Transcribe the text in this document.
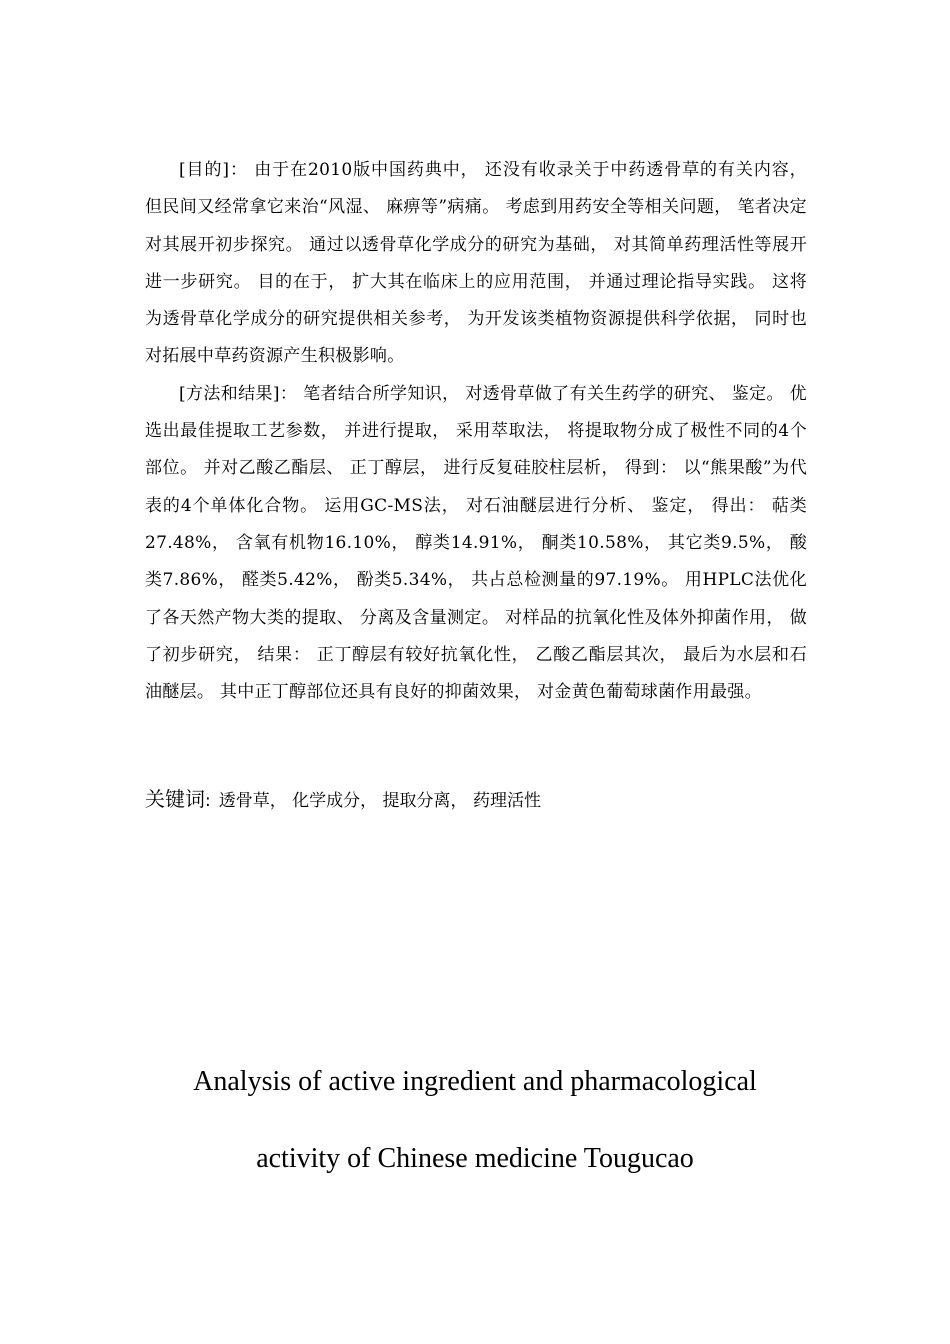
[目的]： 由于在2010版中国药典中， 还没有收录关于中药透骨草的有关内容， 但民间又经常拿它来治“风湿、 麻痹等”病痛。 考虑到用药安全等相关问题， 笔者决定对其展开初步探究。 通过以透骨草化学成分的研究为基础， 对其简单药理活性等展开进一步研究。 目的在于， 扩大其在临床上的应用范围， 并通过理论指导实践。 这将为透骨草化学成分的研究提供相关参考， 为开发该类植物资源提供科学依据， 同时也对拓展中草药资源产生积极影响。

[方法和结果]： 笔者结合所学知识， 对透骨草做了有关生药学的研究、 鉴定。 优选出最佳提取工艺参数， 并进行提取， 采用萃取法， 将提取物分成了极性不同的4个部位。 并对乙酸乙酯层、 正丁醇层， 进行反复硅胶柱层析， 得到： 以“熊果酸”为代表的4个单体化合物。 运用GC-MS法， 对石油醚层进行分析、 鉴定， 得出： 萜类27.48%， 含氧有机物16.10%， 醇类14.91%， 酮类10.58%， 其它类9.5%， 酸类7.86%， 醛类5.42%， 酚类5.34%， 共占总检测量的97.19%。 用HPLC法优化了各天然产物大类的提取、 分离及含量测定。 对样品的抗氧化性及体外抑菌作用， 做了初步研究， 结果： 正丁醇层有较好抗氧化性， 乙酸乙酯层其次， 最后为水层和石油醚层。 其中正丁醇部位还具有良好的抑菌效果， 对金黄色葡萄球菌作用最强。

关键词: 透骨草， 化学成分， 提取分离， 药理活性
Analysis of active ingredient and pharmacological
activity of Chinese medicine Tougucao
